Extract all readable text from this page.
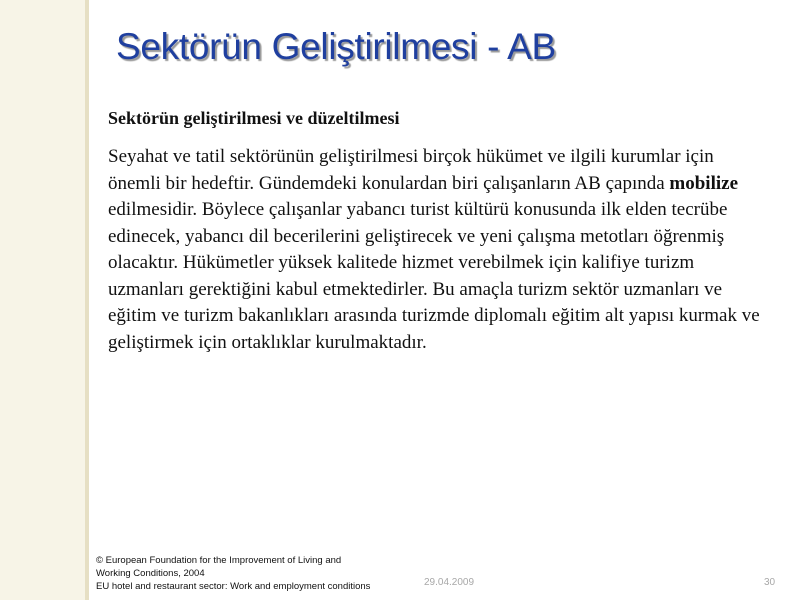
Sektörün Geliştirilmesi - AB

Sektörün geliştirilmesi ve düzeltilmesi

Seyahat ve tatil sektörünün geliştirilmesi birçok hükümet ve ilgili kurumlar için önemli bir hedeftir. Gündemdeki konulardan biri çalışanların AB çapında mobilize edilmesidir. Böylece çalışanlar yabancı turist kültürü konusunda ilk elden tecrübe edinecek, yabancı dil becerilerini geliştirecek ve yeni çalışma metotları öğrenmiş olacaktır. Hükümetler yüksek kalitede hizmet verebilmek için kalifiye turizm uzmanları gerektiğini kabul etmektedirler. Bu amaçla turizm sektör uzmanları ve eğitim ve turizm bakanlıkları arasında turizmde diplomalı eğitim alt yapısı kurmak ve geliştirmek için ortaklıklar kurulmaktadır.

© European Foundation for the Improvement of Living and
Working Conditions, 2004
EU hotel and restaurant sector: Work and employment conditions	29.04.2009	30
